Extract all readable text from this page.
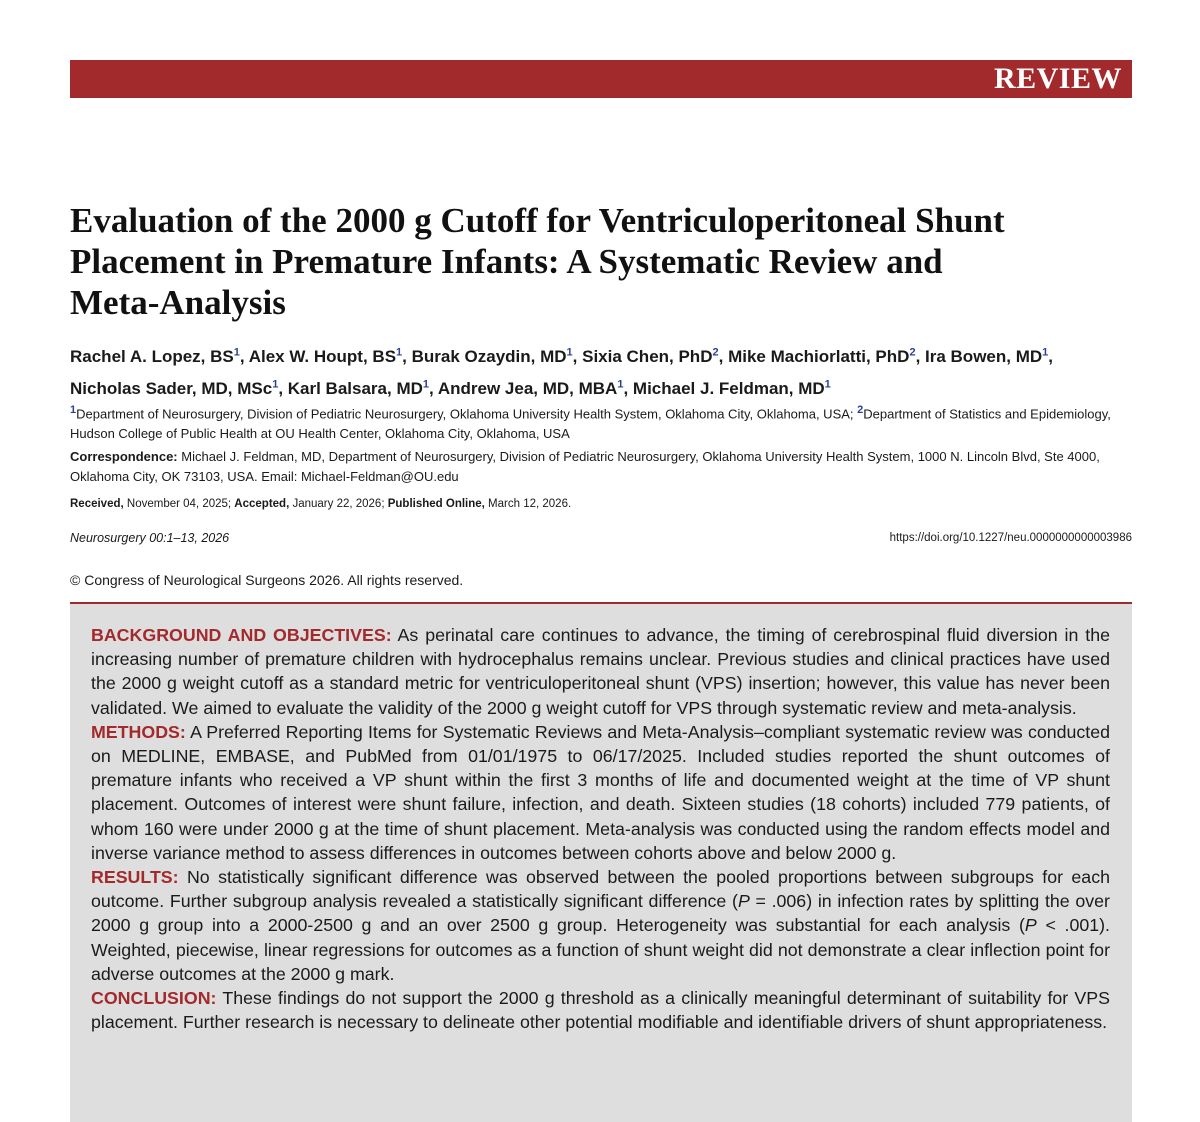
REVIEW
Evaluation of the 2000 g Cutoff for Ventriculoperitoneal Shunt
Placement in Premature Infants: A Systematic Review and
Meta-Analysis
Rachel A. Lopez, $BS^1$, Alex W. Houpt, $BS^1$, Burak Ozaydin, $MD^1$, Sixia Chen, PhD$^2$, Mike Machiorlatti, PhD$^2$, Ira Bowen, $MD^1$,
Nicholas Sader, MD, MSc$^1$, Karl Balsara, $MD^1$, Andrew Jea, MD, MBA$^1$, Michael J. Feldman, $MD^1$
$^1$Department of Neurosurgery, Division of Pediatric Neurosurgery, Oklahoma University Health System, Oklahoma City, Oklahoma, USA; $^2$Department of Statistics and Epidemiology, Hudson College of Public Health at OU Health Center, Oklahoma City, Oklahoma, USA
Correspondence: Michael J. Feldman, MD, Department of Neurosurgery, Division of Pediatric Neurosurgery, Oklahoma University Health System, 1000 N. Lincoln Blvd, Ste 4000, Oklahoma City, OK 73103, USA. Email: Michael-Feldman@OU.edu
Received, November 04, 2025; Accepted, January 22, 2026; Published Online, March 12, 2026.
Neurosurgery 00:1–13, 2026	https://doi.org/10.1227/neu.0000000000003986
© Congress of Neurological Surgeons 2026. All rights reserved.

BACKGROUND AND OBJECTIVES: As perinatal care continues to advance, the timing of cerebrospinal fluid diversion in the increasing number of premature children with hydrocephalus remains unclear. Previous studies and clinical practices have used the 2000 g weight cutoff as a standard metric for ventriculoperitoneal shunt (VPS) insertion; however, this value has never been validated. We aimed to evaluate the validity of the 2000 g weight cutoff for VPS through systematic review and meta-analysis.

METHODS: A Preferred Reporting Items for Systematic Reviews and Meta-Analysis–compliant systematic review was conducted on MEDLINE, EMBASE, and PubMed from 01/01/1975 to 06/17/2025. Included studies reported the shunt outcomes of premature infants who received a VP shunt within the first 3 months of life and documented weight at the time of VP shunt placement. Outcomes of interest were shunt failure, infection, and death. Sixteen studies (18 cohorts) included 779 patients, of whom 160 were under 2000 g at the time of shunt placement. Meta-analysis was conducted using the random effects model and inverse variance method to assess differences in outcomes between cohorts above and below 2000 g.

RESULTS: No statistically significant difference was observed between the pooled proportions between subgroups for each outcome. Further subgroup analysis revealed a statistically significant difference (P = .006) in infection rates by splitting the over 2000 g group into a 2000-2500 g and an over 2500 g group. Heterogeneity was substantial for each analysis (P < .001). Weighted, piecewise, linear regressions for outcomes as a function of shunt weight did not demonstrate a clear inflection point for adverse outcomes at the 2000 g mark.

CONCLUSION: These findings do not support the 2000 g threshold as a clinically meaningful determinant of suitability for VPS placement. Further research is necessary to delineate other potential modifiable and identifiable drivers of shunt appropriateness.
